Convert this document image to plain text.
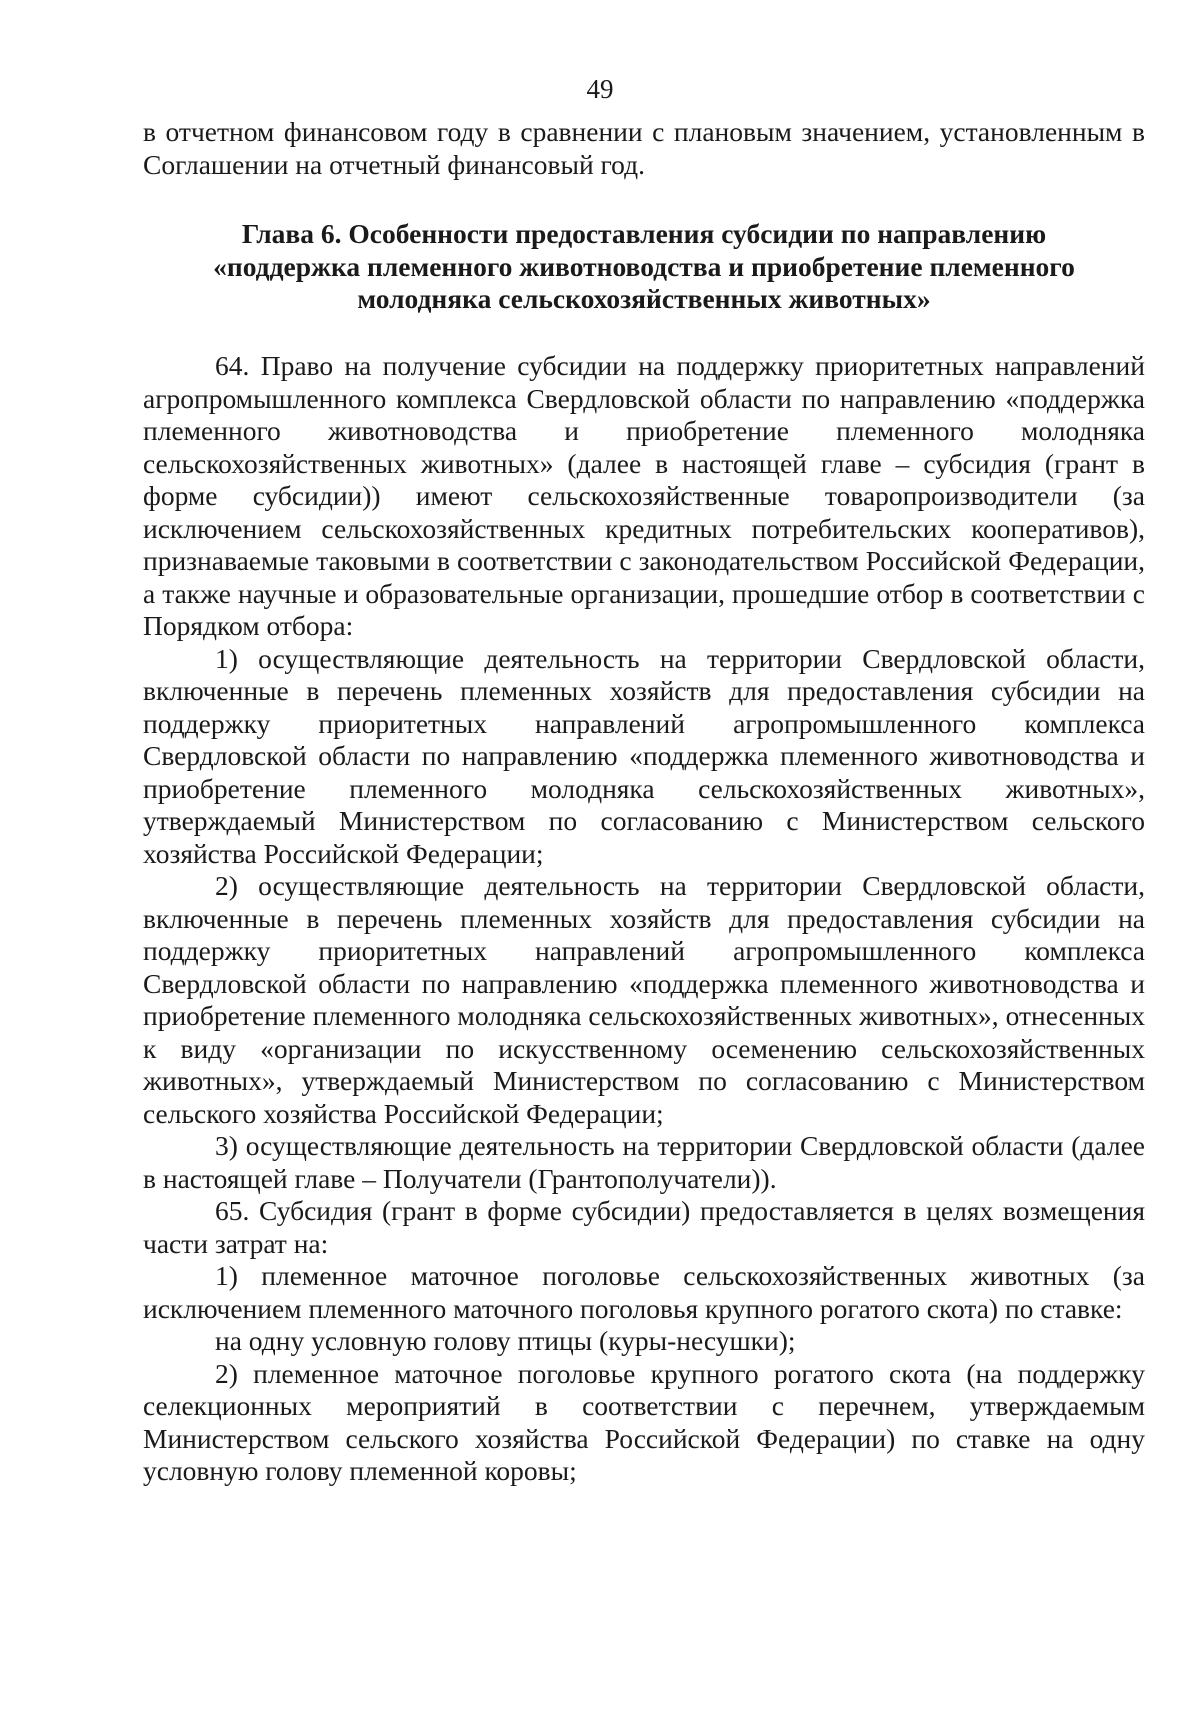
49

в отчетном финансовом году в сравнении с плановым значением, установленным в Соглашении на отчетный финансовый год.

Глава 6. Особенности предоставления субсидии по направлению
«поддержка племенного животноводства и приобретение племенного
молодняка сельскохозяйственных животных»

64. Право на получение субсидии на поддержку приоритетных направлений агропромышленного комплекса Свердловской области по направлению «поддержка племенного животноводства и приобретение племенного молодняка сельскохозяйственных животных» (далее в настоящей главе – субсидия (грант в форме субсидии)) имеют сельскохозяйственные товаропроизводители (за исключением сельскохозяйственных кредитных потребительских кооперативов), признаваемые таковыми в соответствии с законодательством Российской Федерации, а также научные и образовательные организации, прошедшие отбор в соответствии с Порядком отбора:

1) осуществляющие деятельность на территории Свердловской области, включенные в перечень племенных хозяйств для предоставления субсидии на поддержку приоритетных направлений агропромышленного комплекса Свердловской области по направлению «поддержка племенного животноводства и приобретение племенного молодняка сельскохозяйственных животных», утверждаемый Министерством по согласованию с Министерством сельского хозяйства Российской Федерации;

2) осуществляющие деятельность на территории Свердловской области, включенные в перечень племенных хозяйств для предоставления субсидии на поддержку приоритетных направлений агропромышленного комплекса Свердловской области по направлению «поддержка племенного животноводства и приобретение племенного молодняка сельскохозяйственных животных», отнесенных к виду «организации по искусственному осеменению сельскохозяйственных животных», утверждаемый Министерством по согласованию с Министерством сельского хозяйства Российской Федерации;

3) осуществляющие деятельность на территории Свердловской области (далее в настоящей главе – Получатели (Грантополучатели)).

65. Субсидия (грант в форме субсидии) предоставляется в целях возмещения части затрат на:

1) племенное маточное поголовье сельскохозяйственных животных (за исключением племенного маточного поголовья крупного рогатого скота) по ставке:

на одну условную голову птицы (куры-несушки);

2) племенное маточное поголовье крупного рогатого скота (на поддержку селекционных мероприятий в соответствии с перечнем, утверждаемым Министерством сельского хозяйства Российской Федерации) по ставке на одну условную голову племенной коровы;
